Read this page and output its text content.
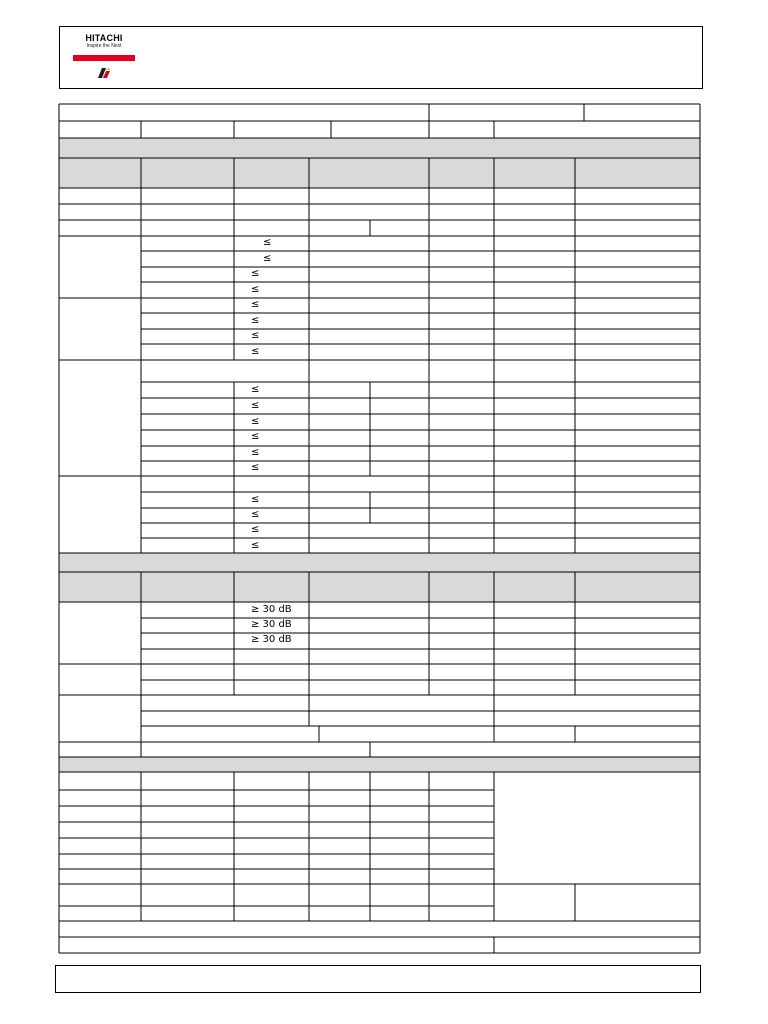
HITACHI
Inspire the Next
≤
≤
≤
≤
≤
≤
≤
≤
≤
≤
≤
≤
≤
≤
≤
≤
≤
≤
≥ 30 dB
≥ 30 dB
≥ 30 dB
